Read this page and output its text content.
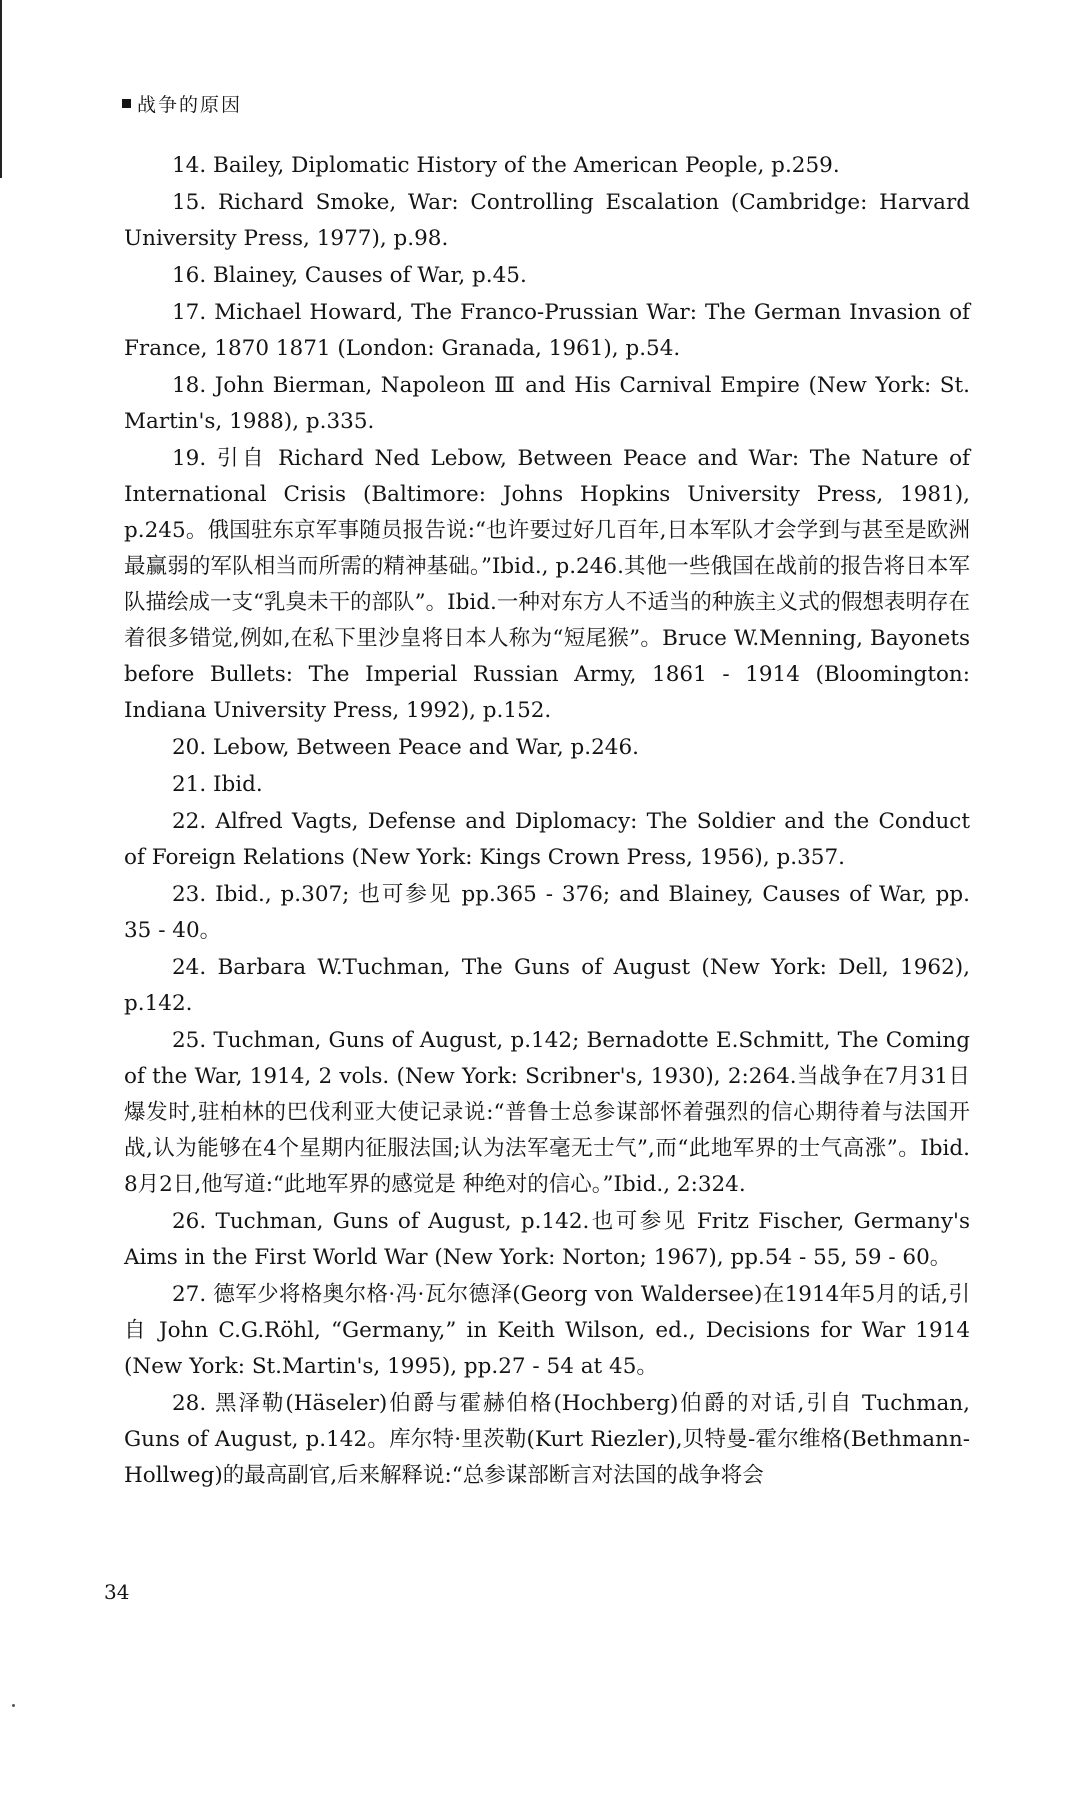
战争的原因

14. Bailey, Diplomatic History of the American People, p.259.

15. Richard Smoke, War: Controlling Escalation (Cambridge: Harvard University Press, 1977), p.98.

16. Blainey, Causes of War, p.45.

17. Michael Howard, The Franco-Prussian War: The German Invasion of France, 1870 1871 (London: Granada, 1961), p.54.

18. John Bierman, Napoleon Ⅲ and His Carnival Empire (New York: St. Martin's, 1988), p.335.

19. 引自 Richard Ned Lebow, Between Peace and War: The Nature of International Crisis (Baltimore: Johns Hopkins University Press, 1981), p.245。俄国驻东京军事随员报告说:“也许要过好几百年,日本军队才会学到与甚至是欧洲最赢弱的军队相当而所需的精神基础。”Ibid., p.246.其他一些俄国在战前的报告将日本军队描绘成一支“乳臭未干的部队”。Ibid.一种对东方人不适当的种族主义式的假想表明存在着很多错觉,例如,在私下里沙皇将日本人称为“短尾猴”。Bruce W.Menning, Bayonets before Bullets: The Imperial Russian Army, 1861 - 1914 (Bloomington: Indiana University Press, 1992), p.152.

20. Lebow, Between Peace and War, p.246.

21. Ibid.

22. Alfred Vagts, Defense and Diplomacy: The Soldier and the Conduct of Foreign Relations (New York: Kings Crown Press, 1956), p.357.

23. Ibid., p.307; 也可参见 pp.365 - 376; and Blainey, Causes of War, pp. 35 - 40。

24. Barbara W.Tuchman, The Guns of August (New York: Dell, 1962), p.142.

25. Tuchman, Guns of August, p.142; Bernadotte E.Schmitt, The Coming of the War, 1914, 2 vols. (New York: Scribner's, 1930), 2:264.当战争在7月31日爆发时,驻柏林的巴伐利亚大使记录说:“普鲁士总参谋部怀着强烈的信心期待着与法国开战,认为能够在4个星期内征服法国;认为法军毫无士气”,而“此地军界的士气高涨”。Ibid. 8月2日,他写道:“此地军界的感觉是 种绝对的信心。”Ibid., 2:324.

26. Tuchman, Guns of August, p.142.也可参见 Fritz Fischer, Germany's Aims in the First World War (New York: Norton; 1967), pp.54 - 55, 59 - 60。

27. 德军少将格奥尔格·冯·瓦尔德泽(Georg von Waldersee)在1914年5月的话,引自 John C.G.Röhl, “Germany,” in Keith Wilson, ed., Decisions for War 1914 (New York: St.Martin's, 1995), pp.27 - 54 at 45。

28. 黑泽勒(Häseler)伯爵与霍赫伯格(Hochberg)伯爵的对话,引自 Tuchman, Guns of August, p.142。库尔特·里茨勒(Kurt Riezler),贝特曼-霍尔维格(Bethmann-Hollweg)的最高副官,后来解释说:“总参谋部断言对法国的战争将会

34
